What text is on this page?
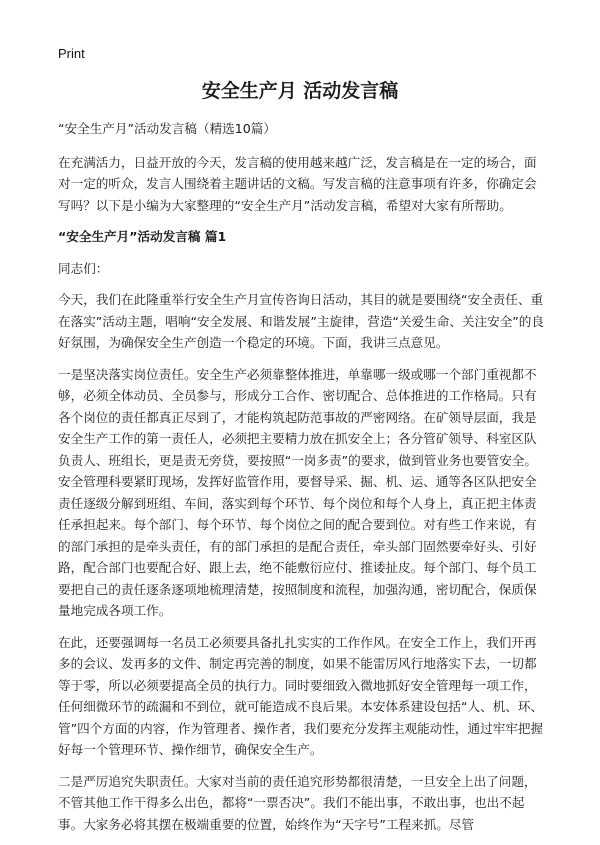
Print
安全生产月 活动发言稿

“安全生产月”活动发言稿（精选10篇）

在充满活力，日益开放的今天，发言稿的使用越来越广泛，发言稿是在一定的场合，面对一定的听众，发言人围绕着主题讲话的文稿。写发言稿的注意事项有许多，你确定会写吗？以下是小编为大家整理的“安全生产月”活动发言稿，希望对大家有所帮助。

“安全生产月”活动发言稿 篇1

同志们：

今天，我们在此隆重举行安全生产月宣传咨询日活动，其目的就是要围绕“安全责任、重在落实”活动主题，唱响“安全发展、和谐发展”主旋律，营造“关爱生命、关注安全”的良好氛围，为确保安全生产创造一个稳定的环境。下面，我讲三点意见。

一是坚决落实岗位责任。安全生产必须靠整体推进，单靠哪一级或哪一个部门重视都不够，必须全体动员、全员参与，形成分工合作、密切配合、总体推进的工作格局。只有各个岗位的责任都真正尽到了，才能构筑起防范事故的严密网络。在矿领导层面，我是安全生产工作的第一责任人，必须把主要精力放在抓安全上；各分管矿领导、科室区队负责人、班组长，更是责无旁贷，要按照“一岗多责”的要求，做到管业务也要管安全。安全管理科要紧盯现场，发挥好监管作用，要督导采、掘、机、运、通等各区队把安全责任逐级分解到班组、车间，落实到每个环节、每个岗位和每个人身上，真正把主体责任承担起来。每个部门、每个环节、每个岗位之间的配合要到位。对有些工作来说，有的部门承担的是牵头责任，有的部门承担的是配合责任，牵头部门固然要牵好头、引好路，配合部门也要配合好、跟上去，绝不能敷衍应付、推诿扯皮。每个部门、每个员工要把自己的责任逐条逐项地梳理清楚，按照制度和流程，加强沟通，密切配合，保质保量地完成各项工作。

在此，还要强调每一名员工必须要具备扎扎实实的工作作风。在安全工作上，我们开再多的会议、发再多的文件、制定再完善的制度，如果不能雷厉风行地落实下去，一切都等于零，所以必须要提高全员的执行力。同时要细致入微地抓好安全管理每一项工作，任何细微环节的疏漏和不到位，就可能造成不良后果。本安体系建设包括“人、机、环、管”四个方面的内容，作为管理者、操作者，我们要充分发挥主观能动性，通过牢牢把握好每一个管理环节、操作细节，确保安全生产。

二是严厉追究失职责任。大家对当前的责任追究形势都很清楚，一旦安全上出了问题，不管其他工作干得多么出色，都将“一票否决”。我们不能出事，不敢出事，也出不起事。大家务必将其摆在极端重要的位置，始终作为“天字号”工程来抓。尽管
